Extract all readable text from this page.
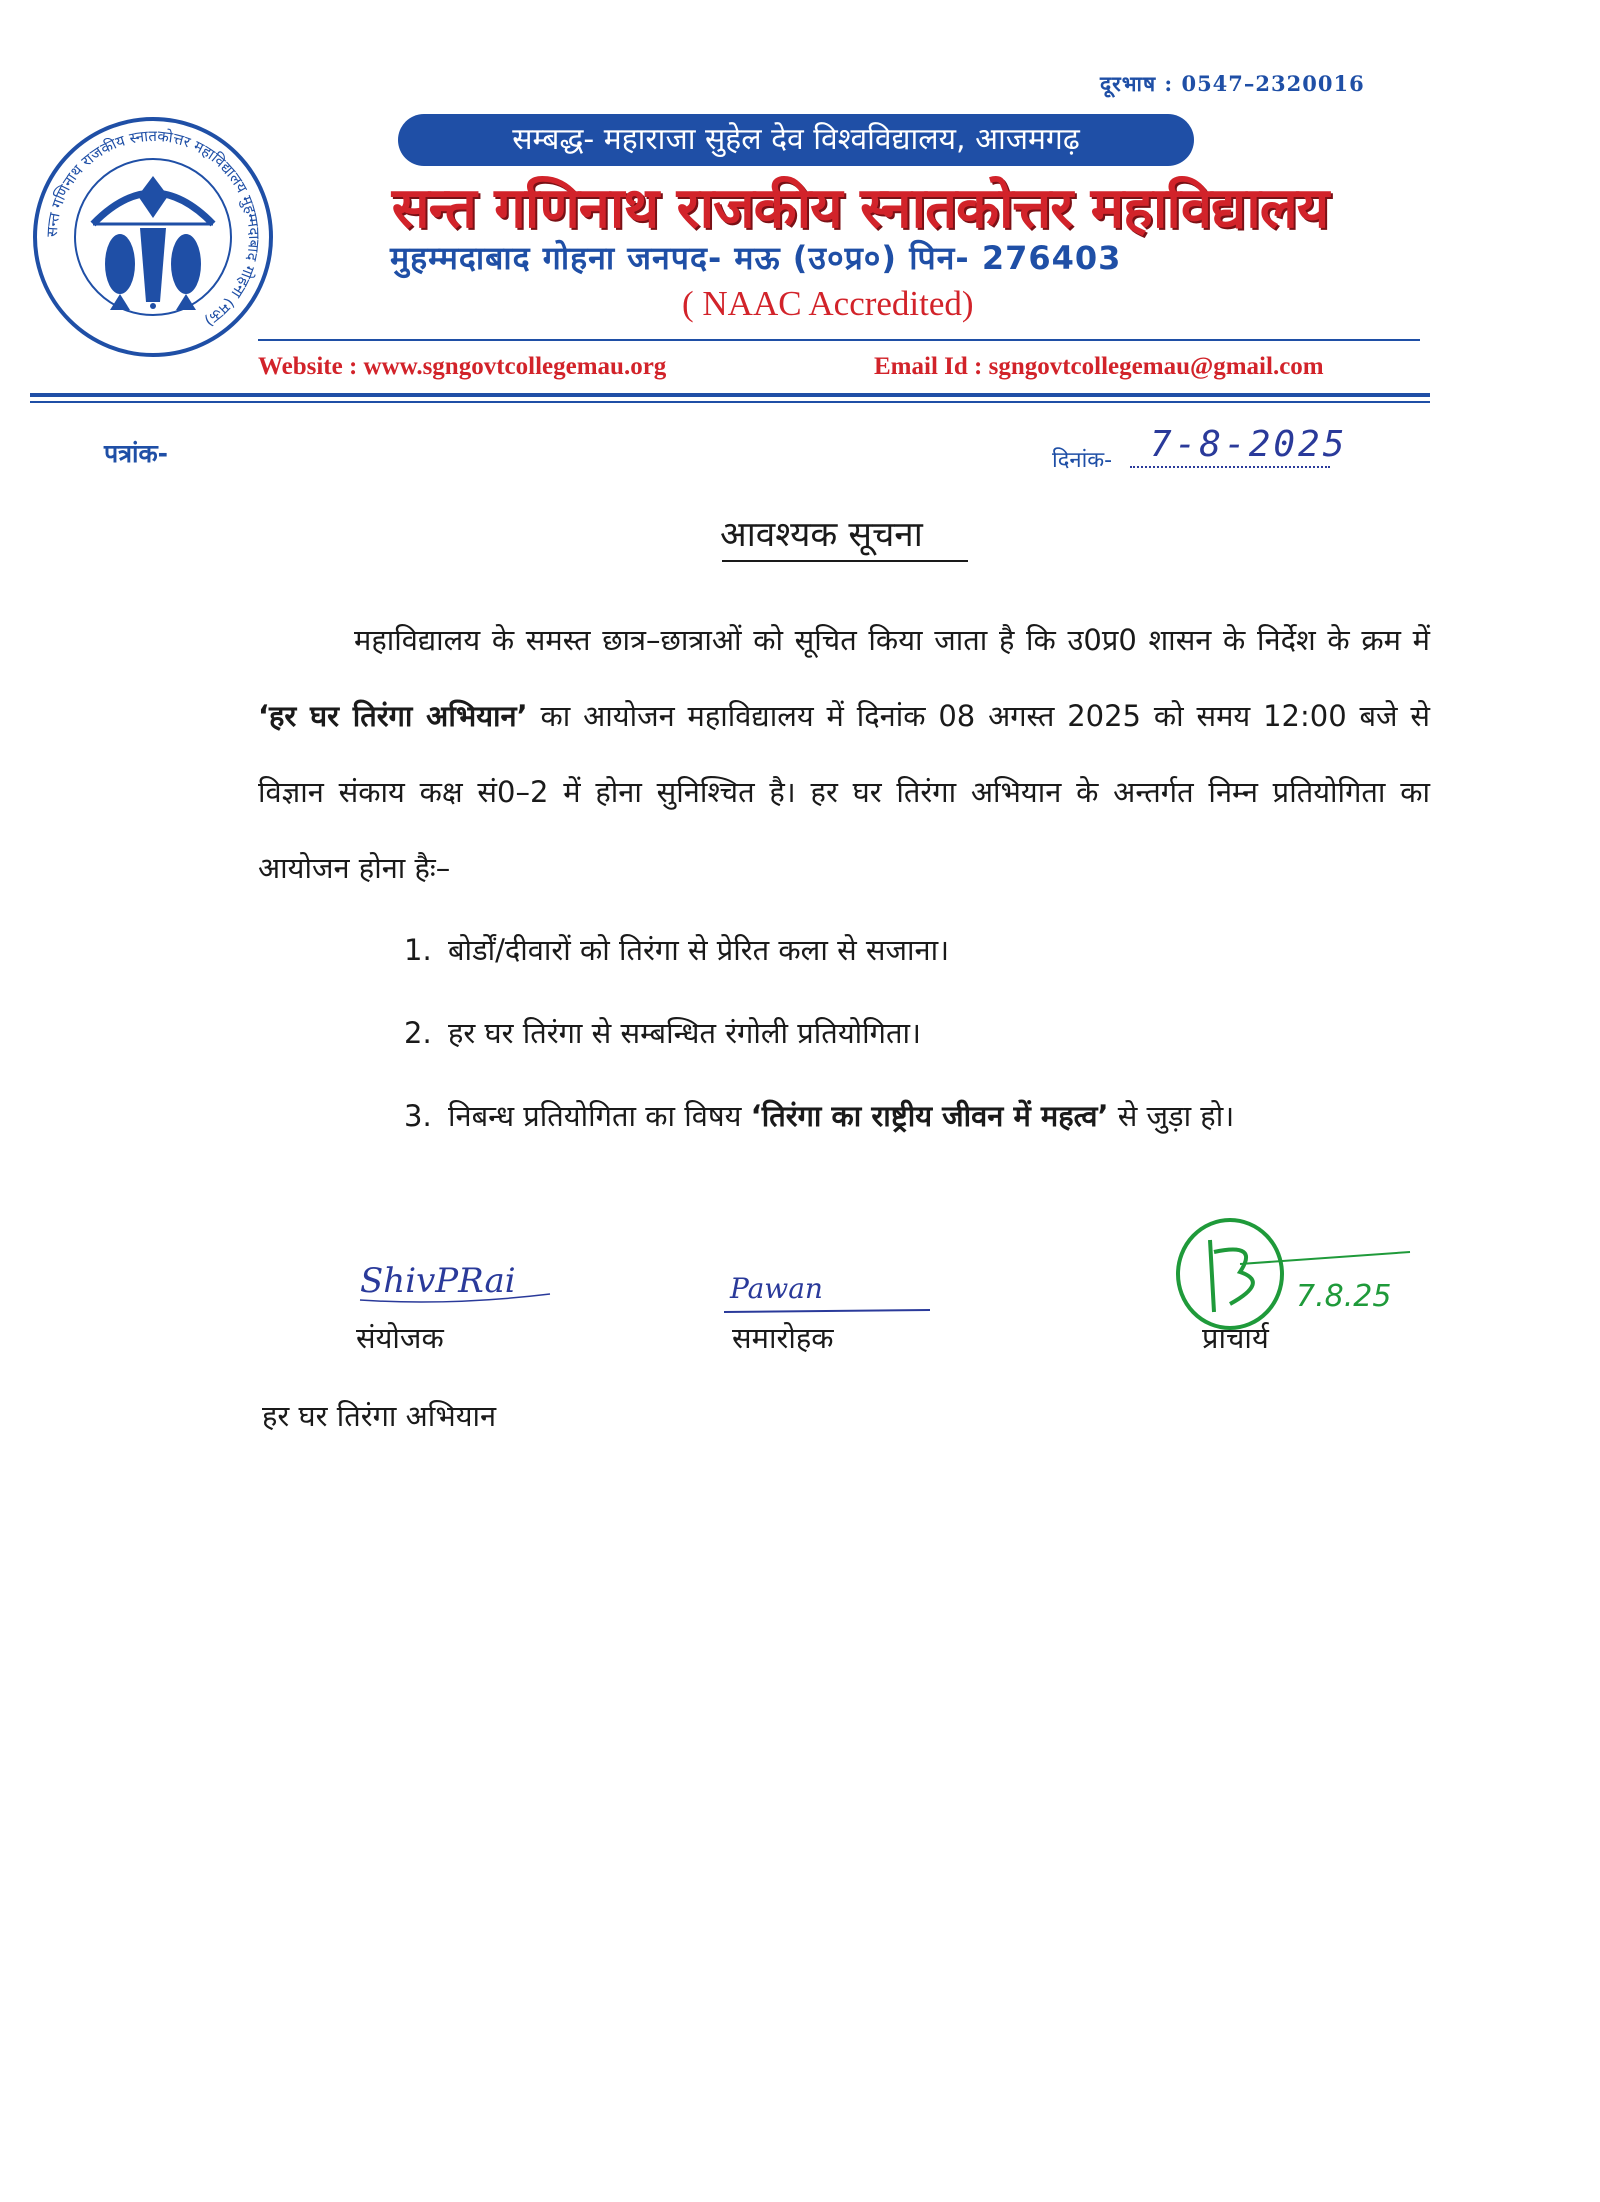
दूरभाष : 0547–2320016
सन्त गणिनाथ राजकीय स्नातकोत्तर महाविद्यालय मुहम्मदाबाद गोहना (मऊ)
सम्बद्ध- महाराजा सुहेल देव विश्वविद्यालय, आजमगढ़
सन्त गणिनाथ राजकीय स्नातकोत्तर महाविद्यालय
मुहम्मदाबाद गोहना जनपद- मऊ (उ०प्र०) पिन- 276403
( NAAC Accredited)
Website : www.sgngovtcollegemau.org	Email Id : sgngovtcollegemau@gmail.com
पत्रांक-	दिनांक- 7-8-2025
आवश्यक सूचना
महाविद्यालय के समस्त छात्र–छात्राओं को सूचित किया जाता है कि उ0प्र0 शासन के निर्देश के क्रम में ‘हर घर तिरंगा अभियान’ का आयोजन महाविद्यालय में दिनांक 08 अगस्त 2025 को समय 12:00 बजे से विज्ञान संकाय कक्ष सं0–2 में होना सुनिश्चित है। हर घर तिरंगा अभियान के अन्तर्गत निम्न प्रतियोगिता का आयोजन होना हैः–
1. बोर्डों/दीवारों को तिरंगा से प्रेरित कला से सजाना।
2. हर घर तिरंगा से सम्बन्धित रंगोली प्रतियोगिता।
3. निबन्ध प्रतियोगिता का विषय ‘तिरंगा का राष्ट्रीय जीवन में महत्व’ से जुड़ा हो।
ShivPRai
संयोजक
Pawan
समारोहक
7.8.25
प्राचार्य
हर घर तिरंगा अभियान
